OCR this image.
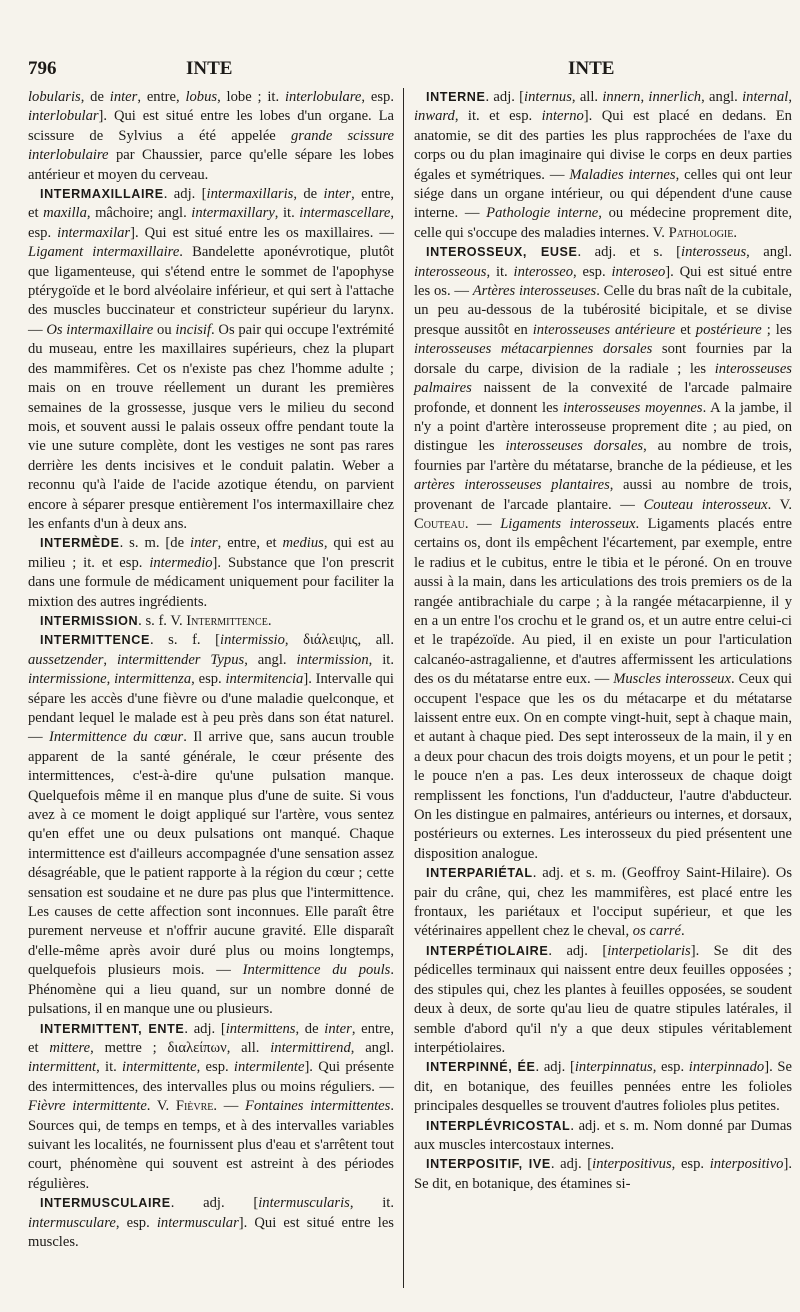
796	INTE	INTE

lobularis, de inter, entre, lobus, lobe ; it. interlobulare, esp. interlobular]. Qui est situé entre les lobes d'un organe. La scissure de Sylvius a été appelée grande scissure interlobulaire par Chaussier, parce qu'elle sépare les lobes antérieur et moyen du cerveau.

INTERMAXILLAIRE. adj. [intermaxillaris, de inter, entre, et maxilla, mâchoire; angl. intermaxillary, it. intermascellare, esp. intermaxilar]. Qui est situé entre les os maxillaires. — Ligament intermaxillaire. Bandelette aponévrotique, plutôt que ligamenteuse, qui s'étend entre le sommet de l'apophyse ptérygoïde et le bord alvéolaire inférieur, et qui sert à l'attache des muscles buccinateur et constricteur supérieur du larynx. — Os intermaxillaire ou incisif. Os pair qui occupe l'extrémité du museau, entre les maxillaires supérieurs, chez la plupart des mammifères. Cet os n'existe pas chez l'homme adulte ; mais on en trouve réellement un durant les premières semaines de la grossesse, jusque vers le milieu du second mois, et souvent aussi le palais osseux offre pendant toute la vie une suture complète, dont les vestiges ne sont pas rares derrière les dents incisives et le conduit palatin. Weber a reconnu qu'à l'aide de l'acide azotique étendu, on parvient encore à séparer presque entièrement l'os intermaxillaire chez les enfants d'un à deux ans.

INTERMÈDE. s. m. [de inter, entre, et medius, qui est au milieu ; it. et esp. intermedio]. Substance que l'on prescrit dans une formule de médicament uniquement pour faciliter la mixtion des autres ingrédients.

INTERMISSION. s. f. V. Intermittence.

INTERMITTENCE. s. f. [intermissio, διάλειψις, all. aussetzender, intermittender Typus, angl. intermission, it. intermissione, intermittenza, esp. intermitencia]. Intervalle qui sépare les accès d'une fièvre ou d'une maladie quelconque, et pendant lequel le malade est à peu près dans son état naturel. — Intermittence du cœur. Il arrive que, sans aucun trouble apparent de la santé générale, le cœur présente des intermittences, c'est-à-dire qu'une pulsation manque. Quelquefois même il en manque plus d'une de suite. Si vous avez à ce moment le doigt appliqué sur l'artère, vous sentez qu'en effet une ou deux pulsations ont manqué. Chaque intermittence est d'ailleurs accompagnée d'une sensation assez désagréable, que le patient rapporte à la région du cœur ; cette sensation est soudaine et ne dure pas plus que l'intermittence. Les causes de cette affection sont inconnues. Elle paraît être purement nerveuse et n'offrir aucune gravité. Elle disparaît d'elle-même après avoir duré plus ou moins longtemps, quelquefois plusieurs mois. — Intermittence du pouls. Phénomène qui a lieu quand, sur un nombre donné de pulsations, il en manque une ou plusieurs.

INTERMITTENT, ENTE. adj. [intermittens, de inter, entre, et mittere, mettre ; διαλείπων, all. intermittirend, angl. intermittent, it. intermittente, esp. intermilente]. Qui présente des intermittences, des intervalles plus ou moins réguliers. — Fièvre intermittente. V. Fièvre. — Fontaines intermittentes. Sources qui, de temps en temps, et à des intervalles variables suivant les localités, ne fournissent plus d'eau et s'arrêtent tout court, phénomène qui souvent est astreint à des périodes régulières.

INTERMUSCULAIRE. adj. [intermuscularis, it. intermusculare, esp. intermuscular]. Qui est situé entre les muscles.

INTERNE. adj. [internus, all. innern, innerlich, angl. internal, inward, it. et esp. interno]. Qui est placé en dedans. En anatomie, se dit des parties les plus rapprochées de l'axe du corps ou du plan imaginaire qui divise le corps en deux parties égales et symétriques. — Maladies internes, celles qui ont leur siége dans un organe intérieur, ou qui dépendent d'une cause interne. — Pathologie interne, ou médecine proprement dite, celle qui s'occupe des maladies internes. V. Pathologie.

INTEROSSEUX, EUSE. adj. et s. [interosseus, angl. interosseous, it. interosseo, esp. interoseo]. Qui est situé entre les os. — Artères interosseuses. Celle du bras naît de la cubitale, un peu au-dessous de la tubérosité bicipitale, et se divise presque aussitôt en interosseuses antérieure et postérieure ; les interosseuses métacarpiennes dorsales sont fournies par la dorsale du carpe, division de la radiale ; les interosseuses palmaires naissent de la convexité de l'arcade palmaire profonde, et donnent les interosseuses moyennes. A la jambe, il n'y a point d'artère interosseuse proprement dite ; au pied, on distingue les interosseuses dorsales, au nombre de trois, fournies par l'artère du métatarse, branche de la pédieuse, et les artères interosseuses plantaires, aussi au nombre de trois, provenant de l'arcade plantaire. — Couteau interosseux. V. Couteau. — Ligaments interosseux. Ligaments placés entre certains os, dont ils empêchent l'écartement, par exemple, entre le radius et le cubitus, entre le tibia et le péroné. On en trouve aussi à la main, dans les articulations des trois premiers os de la rangée antibrachiale du carpe ; à la rangée métacarpienne, il y en a un entre l'os crochu et le grand os, et un autre entre celui-ci et le trapézoïde. Au pied, il en existe un pour l'articulation calcanéo-astragalienne, et d'autres affermissent les articulations des os du métatarse entre eux. — Muscles interosseux. Ceux qui occupent l'espace que les os du métacarpe et du métatarse laissent entre eux. On en compte vingt-huit, sept à chaque main, et autant à chaque pied. Des sept interosseux de la main, il y en a deux pour chacun des trois doigts moyens, et un pour le petit ; le pouce n'en a pas. Les deux interosseux de chaque doigt remplissent les fonctions, l'un d'adducteur, l'autre d'abducteur. On les distingue en palmaires, antérieurs ou internes, et dorsaux, postérieurs ou externes. Les interosseux du pied présentent une disposition analogue.

INTERPARIÉTAL. adj. et s. m. (Geoffroy Saint-Hilaire). Os pair du crâne, qui, chez les mammifères, est placé entre les frontaux, les pariétaux et l'occiput supérieur, et que les vétérinaires appellent chez le cheval, os carré.

INTERPÉTIOLAIRE. adj. [interpetiolaris]. Se dit des pédicelles terminaux qui naissent entre deux feuilles opposées ; des stipules qui, chez les plantes à feuilles opposées, se soudent deux à deux, de sorte qu'au lieu de quatre stipules latérales, il semble d'abord qu'il n'y a que deux stipules véritablement interpétiolaires.

INTERPINNÉ, ÉE. adj. [interpinnatus, esp. interpinnado]. Se dit, en botanique, des feuilles pennées entre les folioles principales desquelles se trouvent d'autres folioles plus petites.

INTERPLÉVRICOSTAL. adj. et s. m. Nom donné par Dumas aux muscles intercostaux internes.

INTERPOSITIF, IVE. adj. [interpositivus, esp. interpositivo]. Se dit, en botanique, des étamines si-
